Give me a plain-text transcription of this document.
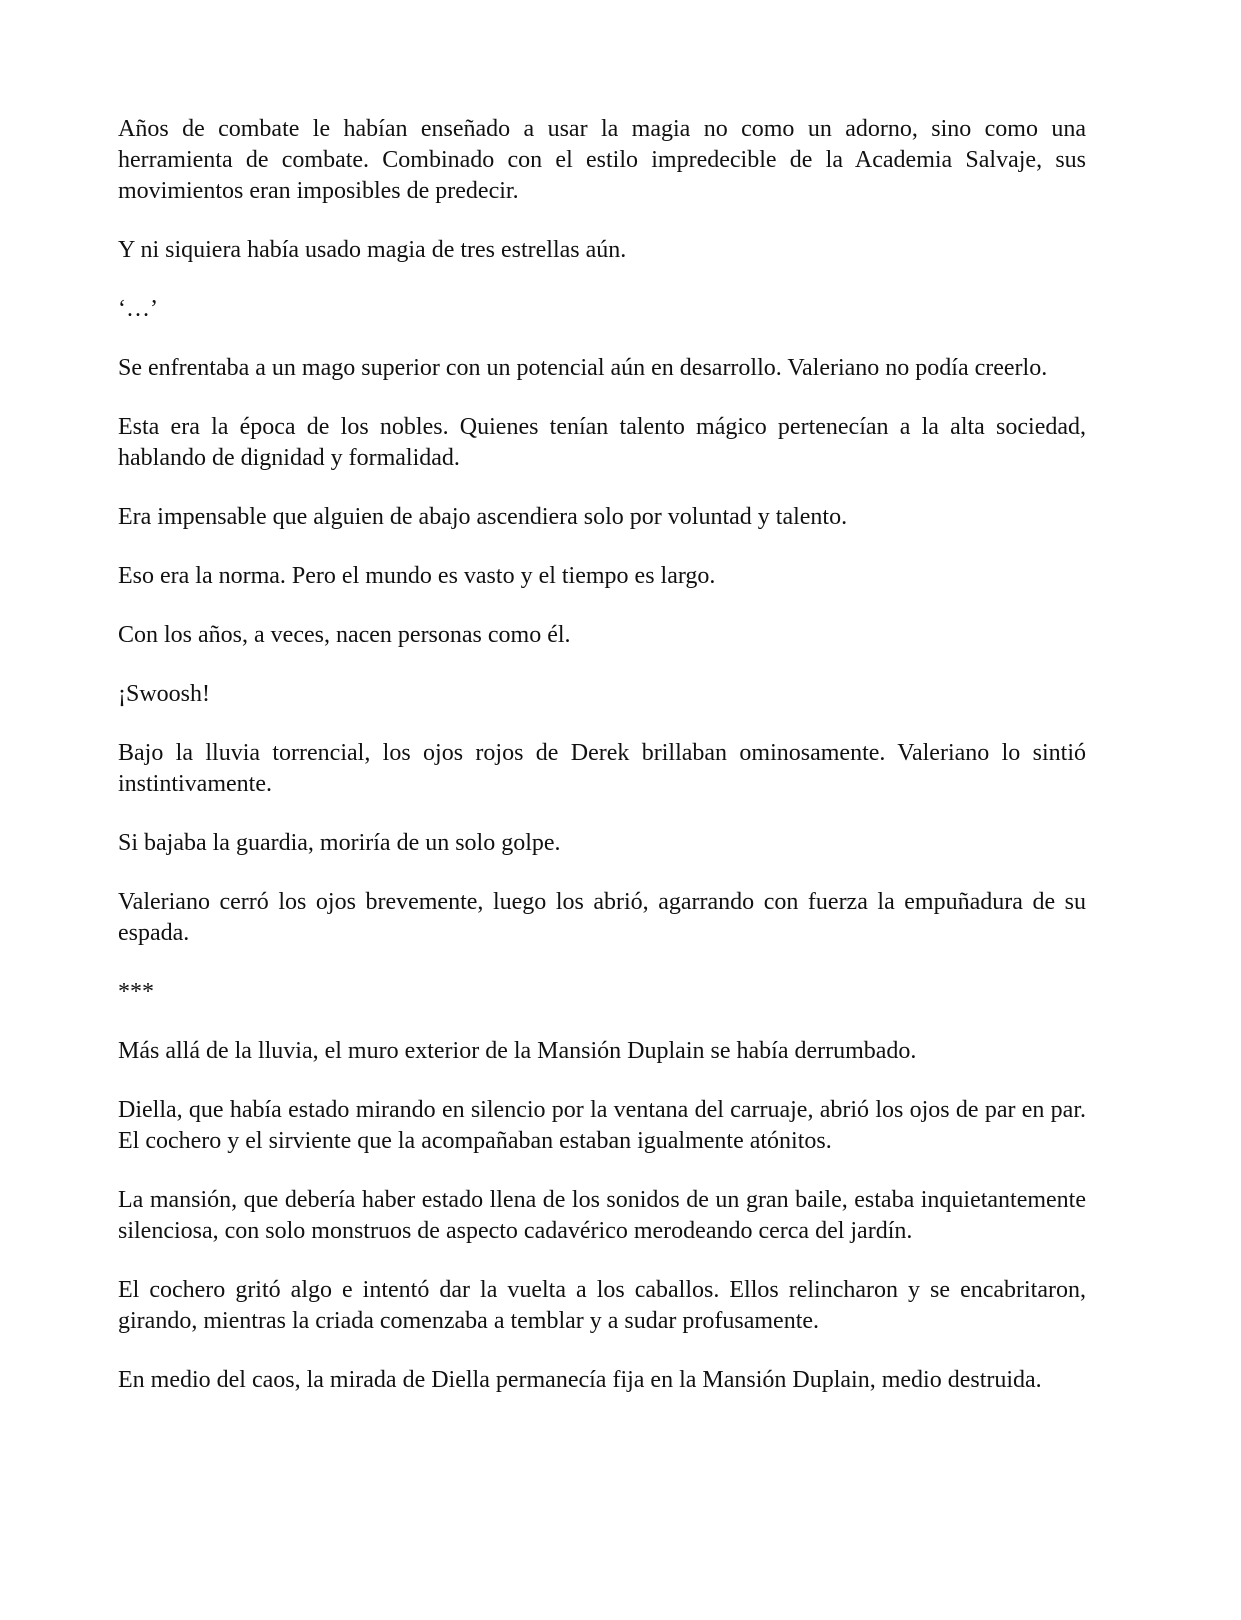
Años de combate le habían enseñado a usar la magia no como un adorno, sino como una herramienta de combate. Combinado con el estilo impredecible de la Academia Salvaje, sus movimientos eran imposibles de predecir.

Y ni siquiera había usado magia de tres estrellas aún.

‘…’

Se enfrentaba a un mago superior con un potencial aún en desarrollo. Valeriano no podía creerlo.

Esta era la época de los nobles. Quienes tenían talento mágico pertenecían a la alta sociedad, hablando de dignidad y formalidad.

Era impensable que alguien de abajo ascendiera solo por voluntad y talento.

Eso era la norma. Pero el mundo es vasto y el tiempo es largo.

Con los años, a veces, nacen personas como él.

¡Swoosh!

Bajo la lluvia torrencial, los ojos rojos de Derek brillaban ominosamente. Valeriano lo sintió instintivamente.

Si bajaba la guardia, moriría de un solo golpe.

Valeriano cerró los ojos brevemente, luego los abrió, agarrando con fuerza la empuñadura de su espada.

***

Más allá de la lluvia, el muro exterior de la Mansión Duplain se había derrumbado.

Diella, que había estado mirando en silencio por la ventana del carruaje, abrió los ojos de par en par. El cochero y el sirviente que la acompañaban estaban igualmente atónitos.

La mansión, que debería haber estado llena de los sonidos de un gran baile, estaba inquietantemente silenciosa, con solo monstruos de aspecto cadavérico merodeando cerca del jardín.

El cochero gritó algo e intentó dar la vuelta a los caballos. Ellos relincharon y se encabritaron, girando, mientras la criada comenzaba a temblar y a sudar profusamente.

En medio del caos, la mirada de Diella permanecía fija en la Mansión Duplain, medio destruida.
